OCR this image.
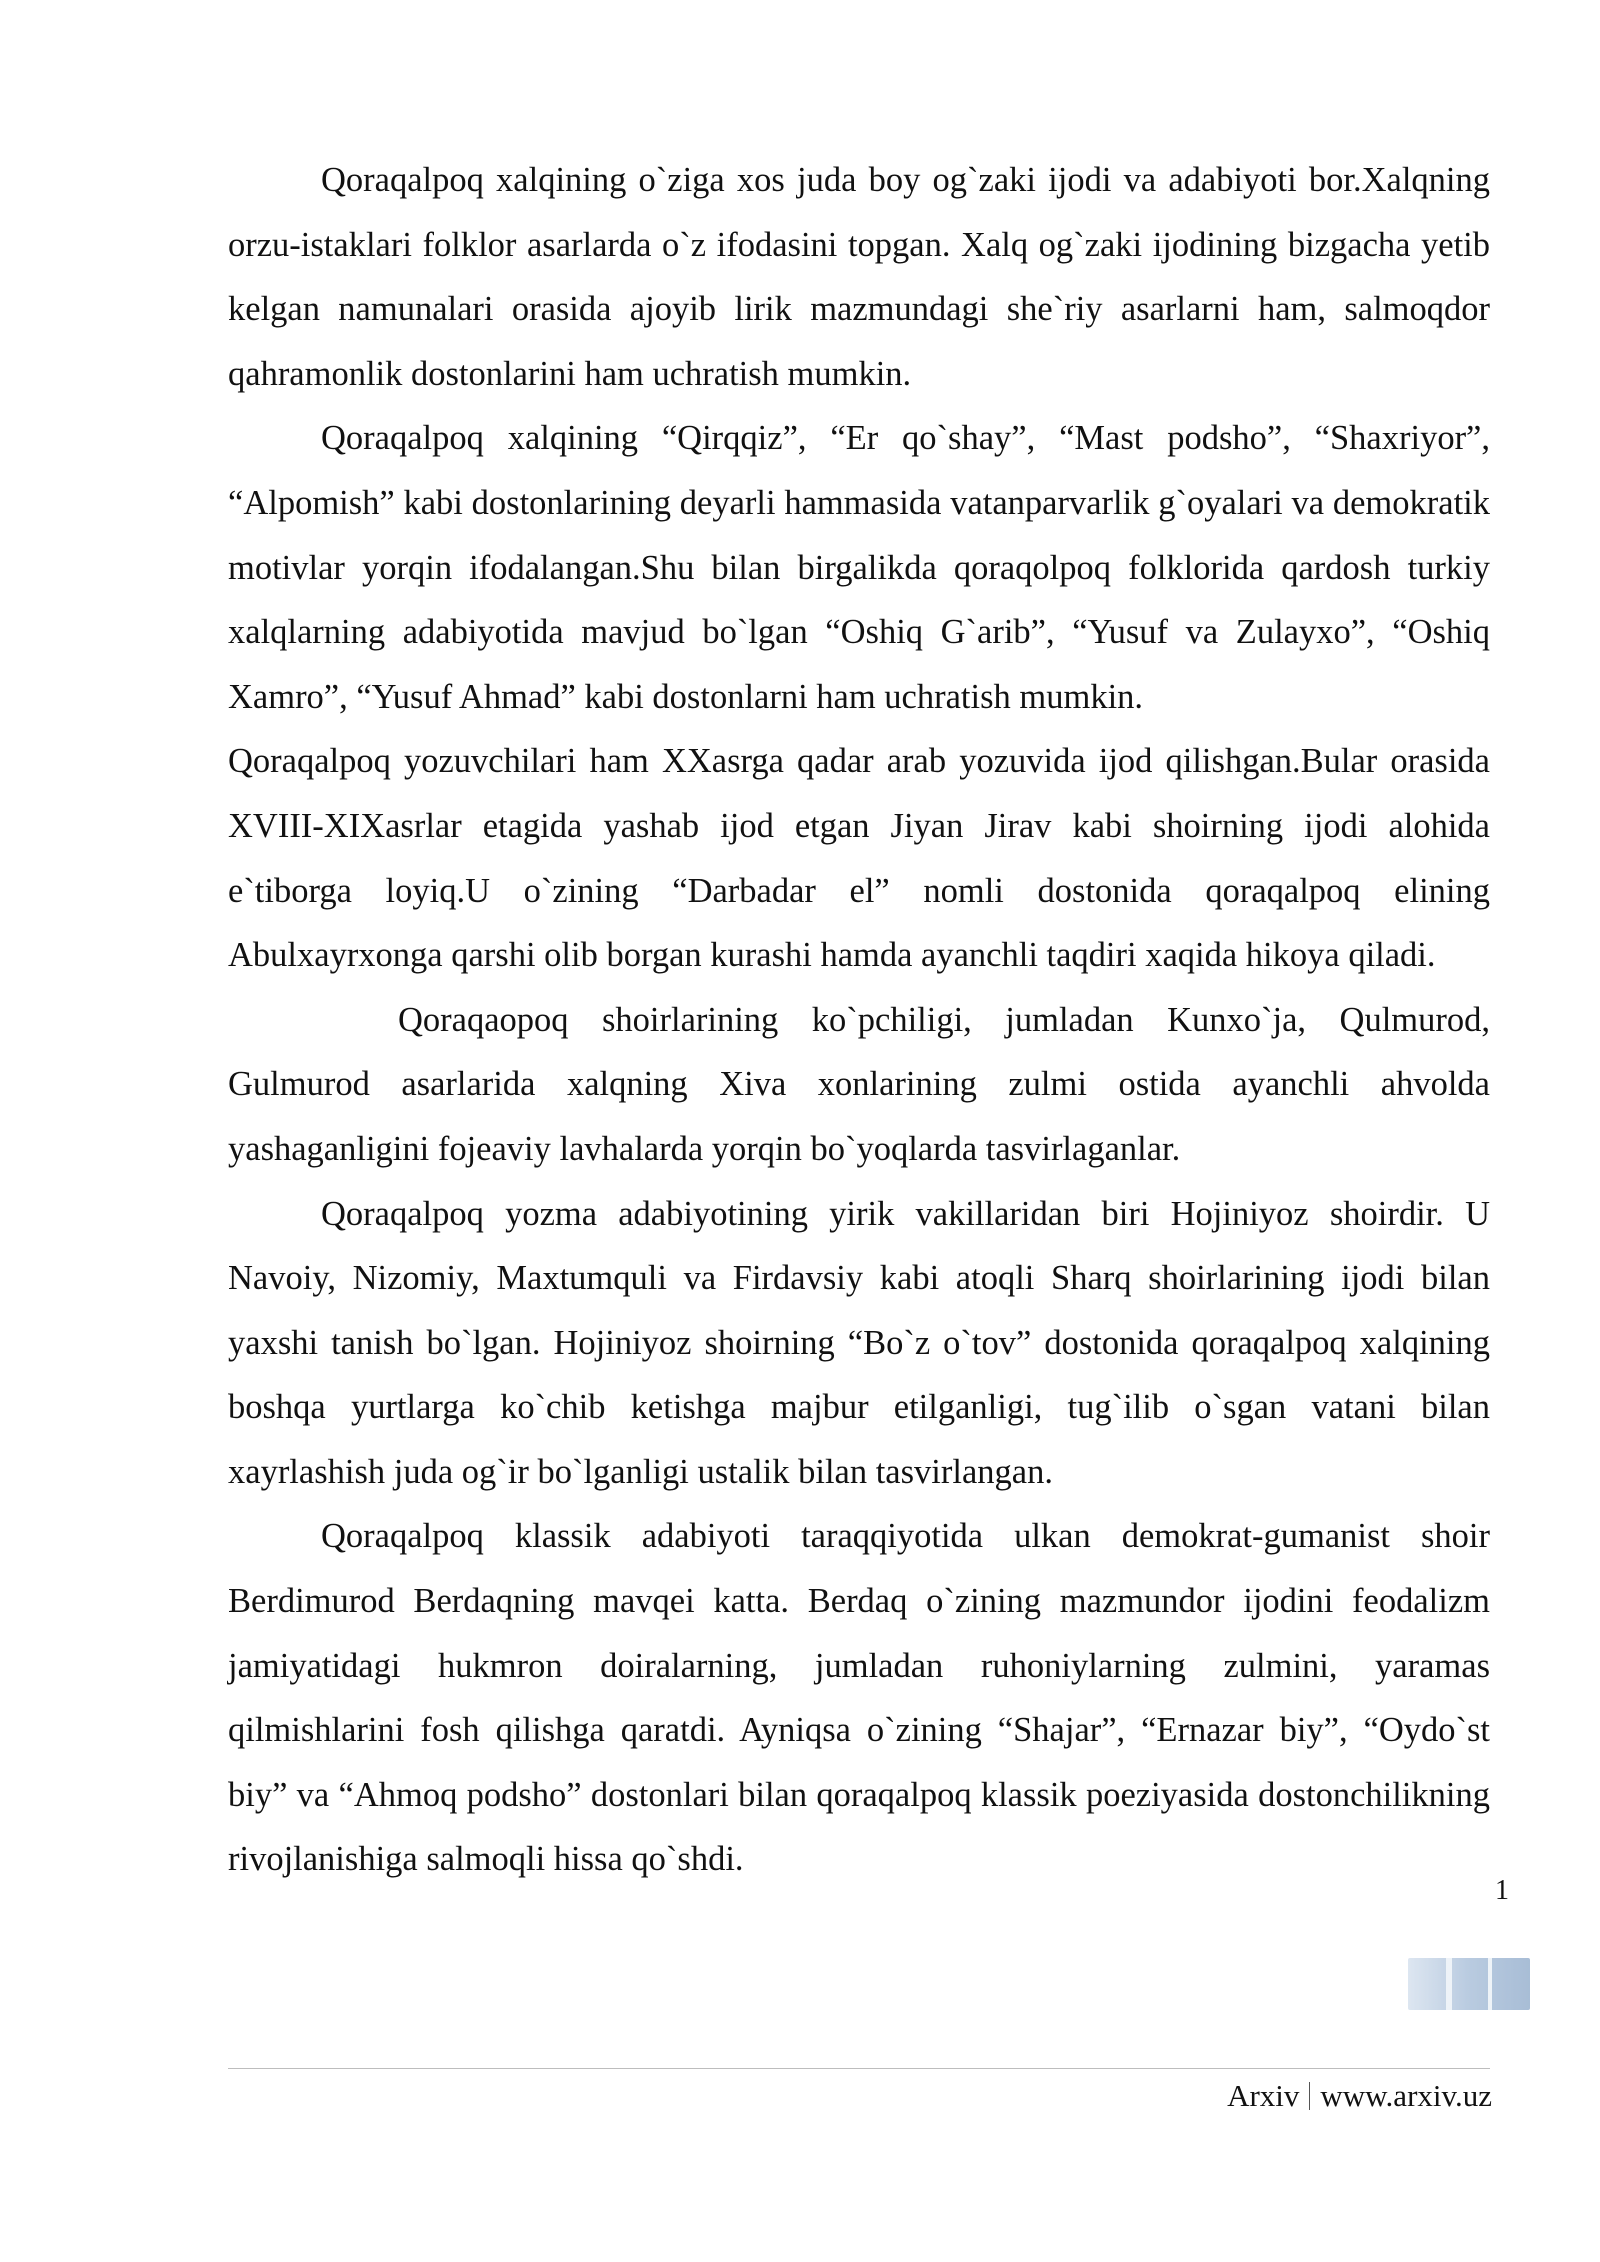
Qoraqalpoq xalqining o`ziga xos juda boy og`zaki ijodi va adabiyoti bor.Xalqning orzu-istaklari folklor asarlarda o`z ifodasini topgan. Xalq og`zaki ijodining bizgacha yetib kelgan namunalari orasida ajoyib lirik mazmundagi she`riy asarlarni ham, salmoqdor qahramonlik dostonlarini ham uchratish mumkin.

Qoraqalpoq xalqining “Qirqqiz”, “Er qo`shay”, “Mast podsho”, “Shaxriyor”, “Alpomish” kabi dostonlarining deyarli hammasida vatanparvarlik g`oyalari va demokratik motivlar yorqin ifodalangan.Shu bilan birgalikda qoraqolpoq folklorida qardosh turkiy xalqlarning adabiyotida mavjud bo`lgan “Oshiq G`arib”, “Yusuf va Zulayxo”, “Oshiq Xamro”, “Yusuf Ahmad” kabi dostonlarni ham uchratish mumkin.

Qoraqalpoq yozuvchilari ham XXasrga qadar arab yozuvida ijod qilishgan.Bular orasida XVIII-XIXasrlar etagida yashab ijod etgan Jiyan Jirav kabi shoirning ijodi alohida e`tiborga loyiq.U o`zining “Darbadar el” nomli dostonida qoraqalpoq elining Abulxayrxonga qarshi olib borgan kurashi hamda ayanchli taqdiri xaqida hikoya qiladi.

Qoraqaopoq shoirlarining ko`pchiligi, jumladan Kunxo`ja, Qulmurod, Gulmurod asarlarida xalqning Xiva xonlarining zulmi ostida ayanchli ahvolda yashaganligini fojeaviy lavhalarda yorqin bo`yoqlarda tasvirlaganlar.

Qoraqalpoq yozma adabiyotining yirik vakillaridan biri Hojiniyoz shoirdir. U Navoiy, Nizomiy, Maxtumquli va Firdavsiy kabi atoqli Sharq shoirlarining ijodi bilan yaxshi tanish bo`lgan. Hojiniyoz shoirning “Bo`z o`tov” dostonida qoraqalpoq xalqining boshqa yurtlarga ko`chib ketishga majbur etilganligi, tug`ilib o`sgan vatani bilan xayrlashish juda og`ir bo`lganligi ustalik bilan tasvirlangan.

Qoraqalpoq klassik adabiyoti taraqqiyotida ulkan demokrat-gumanist shoir Berdimurod Berdaqning mavqei katta. Berdaq o`zining mazmundor ijodini feodalizm jamiyatidagi hukmron doiralarning, jumladan ruhoniylarning zulmini, yaramas qilmishlarini fosh qilishga qaratdi. Ayniqsa o`zining “Shajar”, “Ernazar biy”, “Oydo`st biy” va “Ahmoq podsho” dostonlari bilan qoraqalpoq klassik poeziyasida dostonchilikning rivojlanishiga salmoqli hissa qo`shdi.

1
Arxiv www.arxiv.uz
